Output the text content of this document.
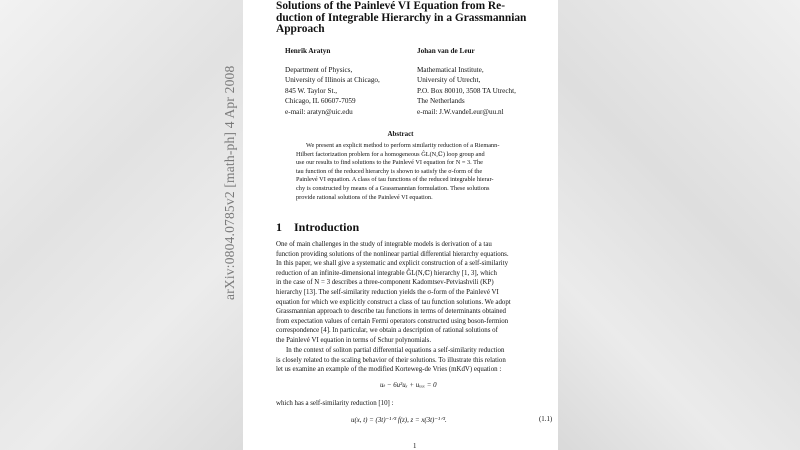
arXiv:0804.0785v2 [math-ph] 4 Apr 2008
Solutions of the Painlevé VI Equation from Re-
duction of Integrable Hierarchy in a Grassmannian
Approach
Henrik Aratyn
Department of Physics,
University of Illinois at Chicago,
845 W. Taylor St.,
Chicago, IL 60607-7059
e-mail: aratyn@uic.edu
Johan van de Leur
Mathematical Institute,
University of Utrecht,
P.O. Box 80010, 3508 TA Utrecht,
The Netherlands
e-mail: J.W.vandeLeur@uu.nl
Abstract
We present an explicit method to perform similarity reduction of a Riemann-
Hilbert factorization problem for a homogeneous ĜL(N,ℂ) loop group and
use our results to find solutions to the Painlevé VI equation for N = 3. The
tau function of the reduced hierarchy is shown to satisfy the σ-form of the
Painlevé VI equation. A class of tau functions of the reduced integrable hierar-
chy is constructed by means of a Grassmannian formulation. These solutions
provide rational solutions of the Painlevé VI equation.
1 Introduction
One of main challenges in the study of integrable models is derivation of a tau
function providing solutions of the nonlinear partial differential hierarchy equations.
In this paper, we shall give a systematic and explicit construction of a self-similarity
reduction of an infinite-dimensional integrable ĜL(N,ℂ) hierarchy [1, 3], which
in the case of N = 3 describes a three-component Kadomtsev-Petviashvili (KP)
hierarchy [13]. The self-similarity reduction yields the σ-form of the Painlevé VI
equation for which we explicitly construct a class of tau function solutions. We adopt
Grassmannian approach to describe tau functions in terms of determinants obtained
from expectation values of certain Fermi operators constructed using boson-fermion
correspondence [4]. In particular, we obtain a description of rational solutions of
the Painlevé VI equation in terms of Schur polynomials.
In the context of soliton partial differential equations a self-similarity reduction
is closely related to the scaling behavior of their solutions. To illustrate this relation
let us examine an example of the modified Korteweg-de Vries (mKdV) equation :
uₜ − 6u²uₓ + uₓₓₓ = 0
which has a self-similarity reduction [10] :
u(x, t) = (3t)⁻¹ᐟ³ f(z), z = x(3t)⁻¹ᐟ³.	(1.1)
1
